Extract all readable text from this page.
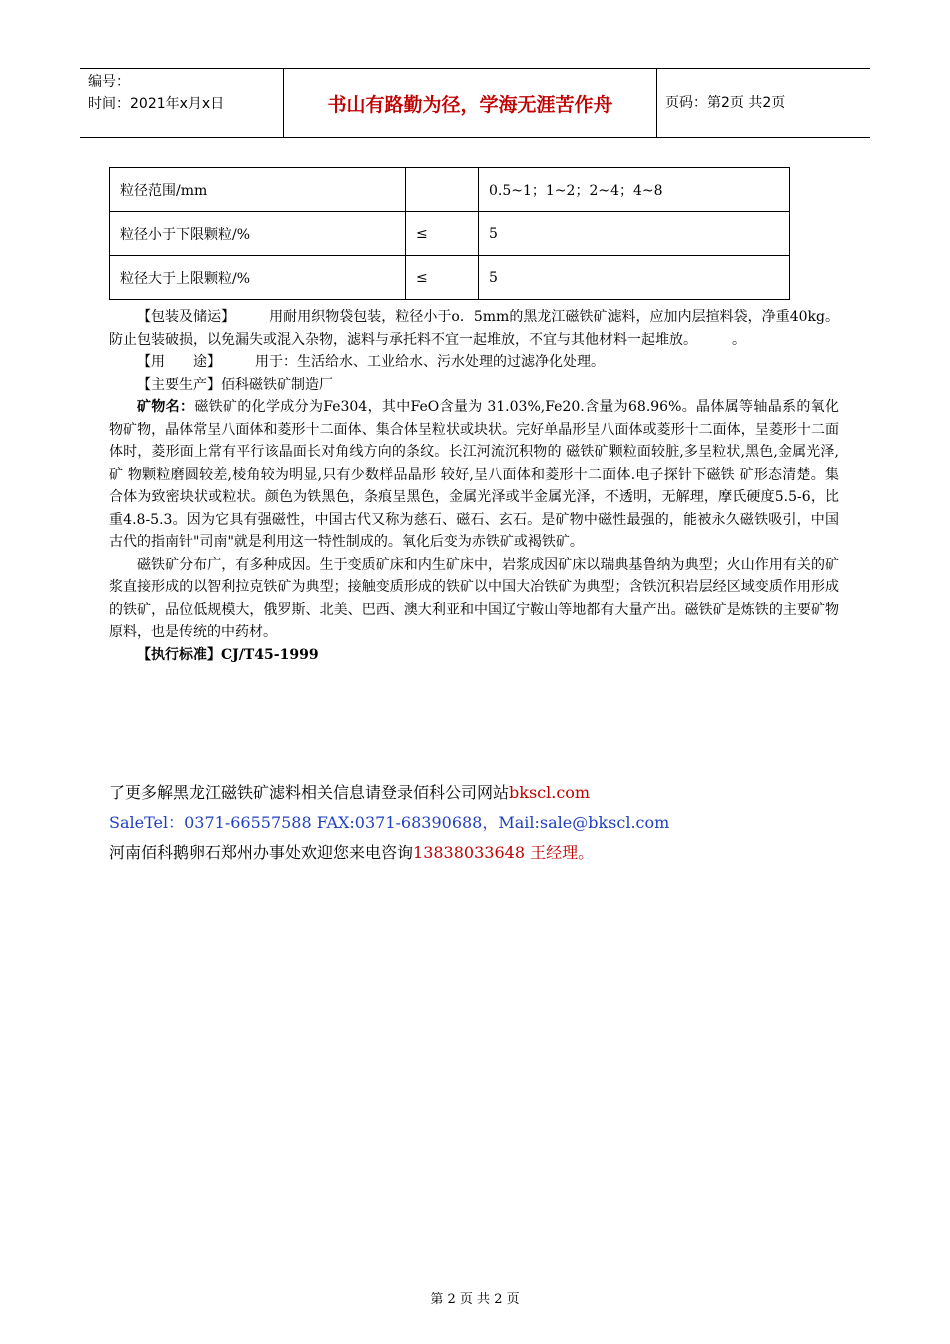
编号：
时间：2021年x月x日	书山有路勤为径，学海无涯苦作舟	页码：第2页 共2页
粒径范围/mm		0.5~1；1~2；2~4；4~8
粒径小于下限颗粒/%	≤	5
粒径大于上限颗粒/%	≤	5

【包装及储运】 用耐用织物袋包装，粒径小于o．5mm的黑龙江磁铁矿滤料，应加内层揎料袋，净重40kg。防止包装破损，以免漏失或混入杂物，滤料与承托料不宜一起堆放，不宜与其他材料一起堆放。　　　。

【用　　途】 用于：生活给水、工业给水、污水处理的过滤净化处理。

【主要生产】佰科磁铁矿制造厂

矿物名：磁铁矿的化学成分为Fe304，其中FeO含量为 31.03%,Fe20.含量为68.96%。晶体属等轴晶系的氧化物矿物，晶体常呈八面体和菱形十二面体、集合体呈粒状或块状。完好单晶形呈八面体或菱形十二面体，呈菱形十二面体时，菱形面上常有平行该晶面长对角线方向的条纹。长江河流沉积物的 磁铁矿颗粒面较脏,多呈粒状,黑色,金属光泽,矿 物颗粒磨圆较差,棱角较为明显,只有少数样品晶形 较好,呈八面体和菱形十二面体.电子探针下磁铁 矿形态清楚。集合体为致密块状或粒状。颜色为铁黑色，条痕呈黑色，金属光泽或半金属光泽，不透明，无解理，摩氏硬度5.5-6，比重4.8-5.3。因为它具有强磁性，中国古代又称为慈石、磁石、玄石。是矿物中磁性最强的，能被永久磁铁吸引，中国古代的指南针"司南"就是利用这一特性制成的。氧化后变为赤铁矿或褐铁矿。

磁铁矿分布广，有多种成因。生于变质矿床和内生矿床中，岩浆成因矿床以瑞典基鲁纳为典型；火山作用有关的矿浆直接形成的以智利拉克铁矿为典型；接触变质形成的铁矿以中国大冶铁矿为典型；含铁沉积岩层经区域变质作用形成的铁矿，品位低规模大，俄罗斯、北美、巴西、澳大利亚和中国辽宁鞍山等地都有大量产出。磁铁矿是炼铁的主要矿物原料，也是传统的中药材。

【执行标准】CJ/T45-1999

了更多解黑龙江磁铁矿滤料相关信息请登录佰科公司网站bkscl.com

SaleTel：0371-66557588 FAX:0371-68390688，Mail:sale@bkscl.com

河南佰科鹅卵石郑州办事处欢迎您来电咨询13838033648 王经理。

第 2 页 共 2 页
